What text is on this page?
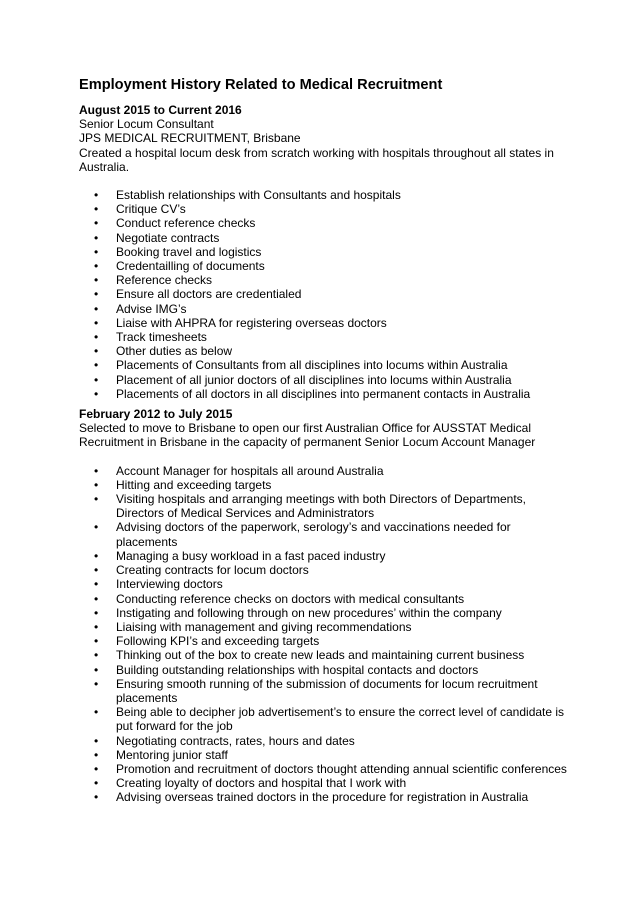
Employment History Related to Medical Recruitment
August 2015 to Current 2016
Senior Locum Consultant
JPS MEDICAL RECRUITMENT, Brisbane
Created a hospital locum desk from scratch working with hospitals throughout all states in
Australia.
• Establish relationships with Consultants and hospitals
• Critique CV’s
• Conduct reference checks
• Negotiate contracts
• Booking travel and logistics
• Credentailling of documents
• Reference checks
• Ensure all doctors are credentialed
• Advise IMG’s
• Liaise with AHPRA for registering overseas doctors
• Track timesheets
• Other duties as below
• Placements of Consultants from all disciplines into locums within Australia
• Placement of all junior doctors of all disciplines into locums within Australia
• Placements of all doctors in all disciplines into permanent contacts in Australia
February 2012 to July 2015
Selected to move to Brisbane to open our first Australian Office for AUSSTAT Medical
Recruitment in Brisbane in the capacity of permanent Senior Locum Account Manager
• Account Manager for hospitals all around Australia
• Hitting and exceeding targets
• Visiting hospitals and arranging meetings with both Directors of Departments,
Directors of Medical Services and Administrators
• Advising doctors of the paperwork, serology’s and vaccinations needed for
placements
• Managing a busy workload in a fast paced industry
• Creating contracts for locum doctors
• Interviewing doctors
• Conducting reference checks on doctors with medical consultants
• Instigating and following through on new procedures’ within the company
• Liaising with management and giving recommendations
• Following KPI’s and exceeding targets
• Thinking out of the box to create new leads and maintaining current business
• Building outstanding relationships with hospital contacts and doctors
• Ensuring smooth running of the submission of documents for locum recruitment
placements
• Being able to decipher job advertisement’s to ensure the correct level of candidate is
put forward for the job
• Negotiating contracts, rates, hours and dates
• Mentoring junior staff
• Promotion and recruitment of doctors thought attending annual scientific conferences
• Creating loyalty of doctors and hospital that I work with
• Advising overseas trained doctors in the procedure for registration in Australia
